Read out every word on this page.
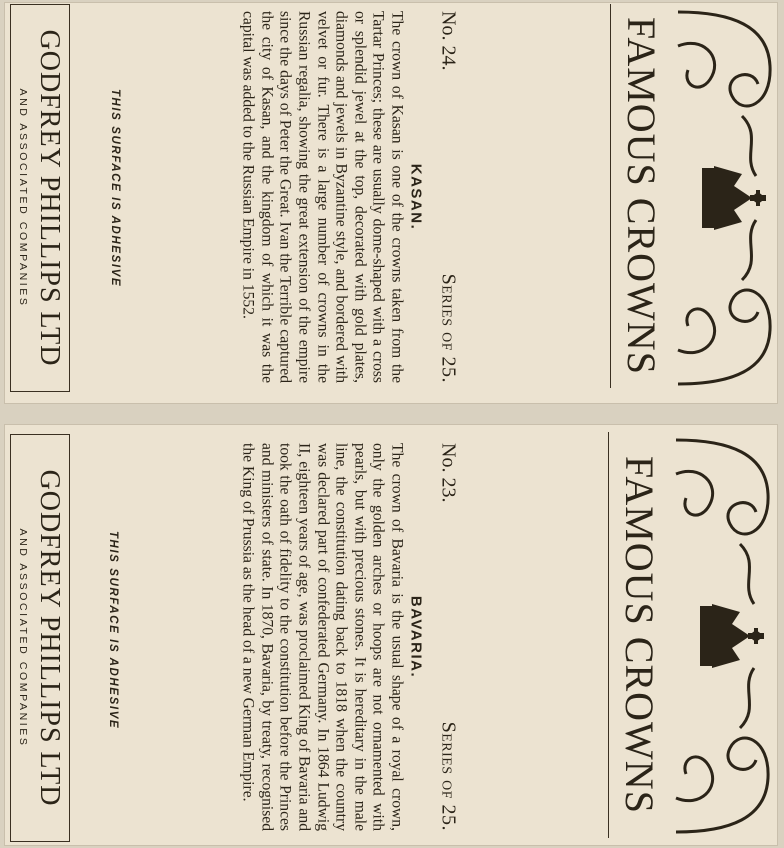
GODFREY PHILLIPS LTD
AND ASSOCIATED COMPANIES	THIS SURFACE IS ADHESIVE
No. 24.
Series of 25.
KASAN.
The crown of Kasan is one of the crowns taken from the Tartar Princes; these are usually dome-shaped with a cross or splendid jewel at the top, decorated with gold plates, diamonds and jewels in Byzantine style, and bordered with velvet or fur. There is a large number of crowns in the Russian regalia, showing the great extension of the empire since the days of Peter the Great. Ivan the Terrible captured the city of Kasan, and the kingdom of which it was the capital was added to the Russian Empire in 1552.	FAMOUS CROWNS
GODFREY PHILLIPS LTD
AND ASSOCIATED COMPANIES	THIS SURFACE IS ADHESIVE
No. 23.
Series of 25.
BAVARIA.
The crown of Bavaria is the usual shape of a royal crown, only the golden arches or hoops are not ornamented with pearls, but with precious stones. It is hereditary in the male line, the constitution dating back to 1818 when the country was declared part of confederated Germany. In 1864 Ludwig II, eighteen years of age, was proclaimed King of Bavaria and took the oath of fidelity to the constitution before the Princes and ministers of state. In 1870, Bavaria, by treaty, recognised the King of Prussia as the head of a new German Empire.	FAMOUS CROWNS
